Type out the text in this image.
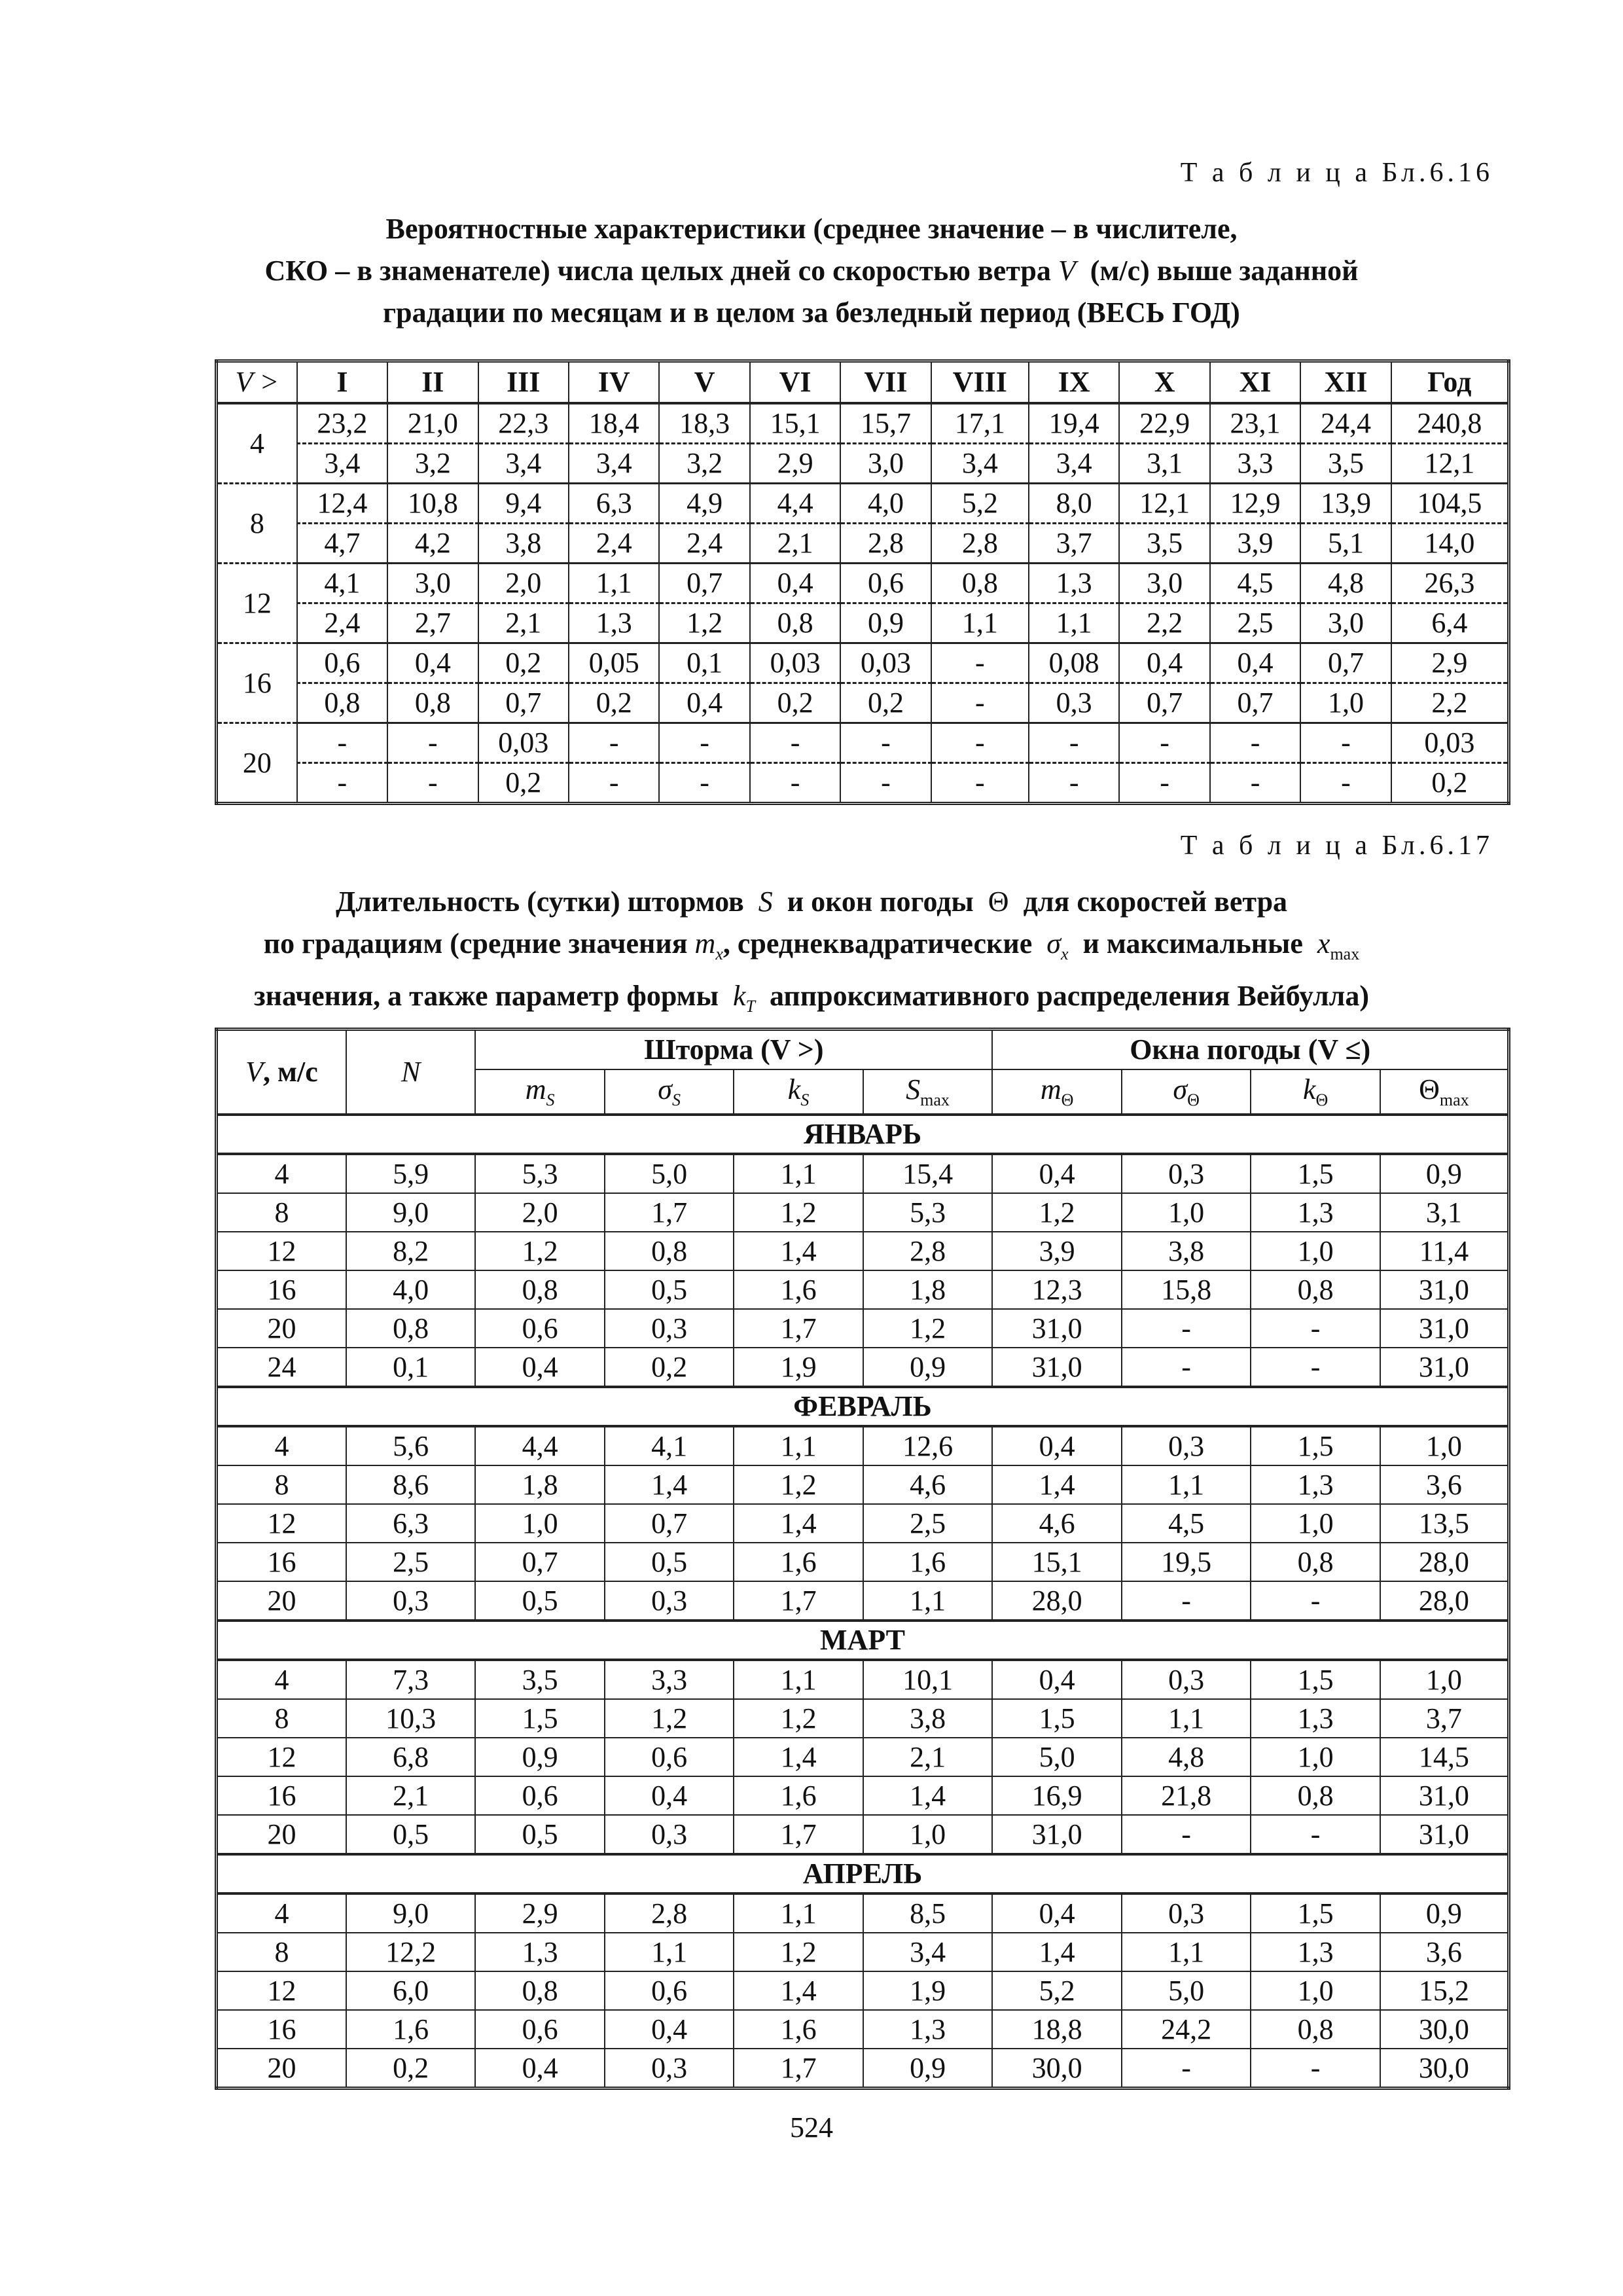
Т а б л и ц а Бл.6.16
Вероятностные характеристики (среднее значение – в числителе,
СКО – в знаменателе) числа целых дней со скоростью ветра V (м/с) выше заданной
градации по месяцам и в целом за безледный период (ВЕСЬ ГОД)
V >	I	II	III	IV	V	VI	VII	VIII	IX	X	XI	XII	Год
4	23,2	21,0	22,3	18,4	18,3	15,1	15,7	17,1	19,4	22,9	23,1	24,4	240,8
	3,4	3,2	3,4	3,4	3,2	2,9	3,0	3,4	3,4	3,1	3,3	3,5	12,1
8	12,4	10,8	9,4	6,3	4,9	4,4	4,0	5,2	8,0	12,1	12,9	13,9	104,5
	4,7	4,2	3,8	2,4	2,4	2,1	2,8	2,8	3,7	3,5	3,9	5,1	14,0
12	4,1	3,0	2,0	1,1	0,7	0,4	0,6	0,8	1,3	3,0	4,5	4,8	26,3
	2,4	2,7	2,1	1,3	1,2	0,8	0,9	1,1	1,1	2,2	2,5	3,0	6,4
16	0,6	0,4	0,2	0,05	0,1	0,03	0,03	-	0,08	0,4	0,4	0,7	2,9
	0,8	0,8	0,7	0,2	0,4	0,2	0,2	-	0,3	0,7	0,7	1,0	2,2
20	-	-	0,03	-	-	-	-	-	-	-	-	-	0,03
	-	-	0,2	-	-	-	-	-	-	-	-	-	0,2
Т а б л и ц а Бл.6.17
Длительность (сутки) штормов S и окон погоды Θ для скоростей ветра
по градациям (средние значения $m_x$, среднеквадратические $\sigma_x$ и максимальные $x_{max}$
значения, а также параметр формы $k_T$ аппроксимативного распределения Вейбулла)
V, м/с	N	Шторма (V >)				Окна погоды (V ≤)			
		$m_S$	$\sigma_S$	$k_S$	$S_{max}$	$m_\Theta$	$\sigma_\Theta$	$k_\Theta$	$\Theta_{max}$
ЯНВАРЬ									
4	5,9	5,3	5,0	1,1	15,4	0,4	0,3	1,5	0,9
8	9,0	2,0	1,7	1,2	5,3	1,2	1,0	1,3	3,1
12	8,2	1,2	0,8	1,4	2,8	3,9	3,8	1,0	11,4
16	4,0	0,8	0,5	1,6	1,8	12,3	15,8	0,8	31,0
20	0,8	0,6	0,3	1,7	1,2	31,0	-	-	31,0
24	0,1	0,4	0,2	1,9	0,9	31,0	-	-	31,0
ФЕВРАЛЬ									
4	5,6	4,4	4,1	1,1	12,6	0,4	0,3	1,5	1,0
8	8,6	1,8	1,4	1,2	4,6	1,4	1,1	1,3	3,6
12	6,3	1,0	0,7	1,4	2,5	4,6	4,5	1,0	13,5
16	2,5	0,7	0,5	1,6	1,6	15,1	19,5	0,8	28,0
20	0,3	0,5	0,3	1,7	1,1	28,0	-	-	28,0
МАРТ									
4	7,3	3,5	3,3	1,1	10,1	0,4	0,3	1,5	1,0
8	10,3	1,5	1,2	1,2	3,8	1,5	1,1	1,3	3,7
12	6,8	0,9	0,6	1,4	2,1	5,0	4,8	1,0	14,5
16	2,1	0,6	0,4	1,6	1,4	16,9	21,8	0,8	31,0
20	0,5	0,5	0,3	1,7	1,0	31,0	-	-	31,0
АПРЕЛЬ									
4	9,0	2,9	2,8	1,1	8,5	0,4	0,3	1,5	0,9
8	12,2	1,3	1,1	1,2	3,4	1,4	1,1	1,3	3,6
12	6,0	0,8	0,6	1,4	1,9	5,2	5,0	1,0	15,2
16	1,6	0,6	0,4	1,6	1,3	18,8	24,2	0,8	30,0
20	0,2	0,4	0,3	1,7	0,9	30,0	-	-	30,0
524
